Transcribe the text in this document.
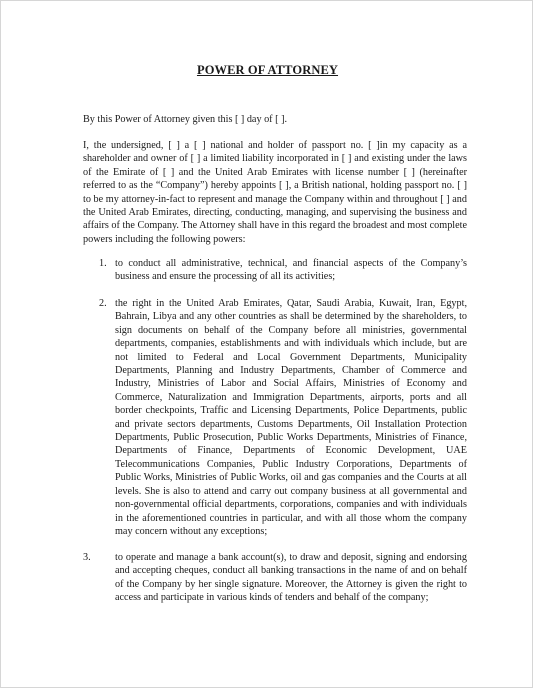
POWER OF ATTORNEY
By this Power of Attorney given this [ ] day of [ ].
I, the undersigned, [ ] a [ ] national and holder of passport no. [ ]in my capacity as a shareholder and owner of [ ] a limited liability incorporated in [ ] and existing under the laws of the Emirate of [ ] and the United Arab Emirates with license number [ ] (hereinafter referred to as the “Company”) hereby appoints [ ], a British national, holding passport no. [ ] to be my attorney-in-fact to represent and manage the Company within and throughout [ ] and the United Arab Emirates, directing, conducting, managing, and supervising the business and affairs of the Company. The Attorney shall have in this regard the broadest and most complete powers including the following powers:
1. to conduct all administrative, technical, and financial aspects of the Company’s business and ensure the processing of all its activities;
2. the right in the United Arab Emirates, Qatar, Saudi Arabia, Kuwait, Iran, Egypt, Bahrain, Libya and any other countries as shall be determined by the shareholders, to sign documents on behalf of the Company before all ministries, governmental departments, companies, establishments and with individuals which include, but are not limited to Federal and Local Government Departments, Municipality Departments, Planning and Industry Departments, Chamber of Commerce and Industry, Ministries of Labor and Social Affairs, Ministries of Economy and Commerce, Naturalization and Immigration Departments, airports, ports and all border checkpoints, Traffic and Licensing Departments, Police Departments, public and private sectors departments, Customs Departments, Oil Installation Protection Departments, Public Prosecution, Public Works Departments, Ministries of Finance, Departments of Finance, Departments of Economic Development, UAE Telecommunications Companies, Public Industry Corporations, Departments of Public Works, Ministries of Public Works, oil and gas companies and the Courts at all levels. She is also to attend and carry out company business at all governmental and non-governmental official departments, corporations, companies and with individuals in the aforementioned countries in particular, and with all those whom the company may concern without any exceptions;
3. to operate and manage a bank account(s), to draw and deposit, signing and endorsing and accepting cheques, conduct all banking transactions in the name of and on behalf of the Company by her single signature. Moreover, the Attorney is given the right to access and participate in various kinds of tenders and behalf of the company;
